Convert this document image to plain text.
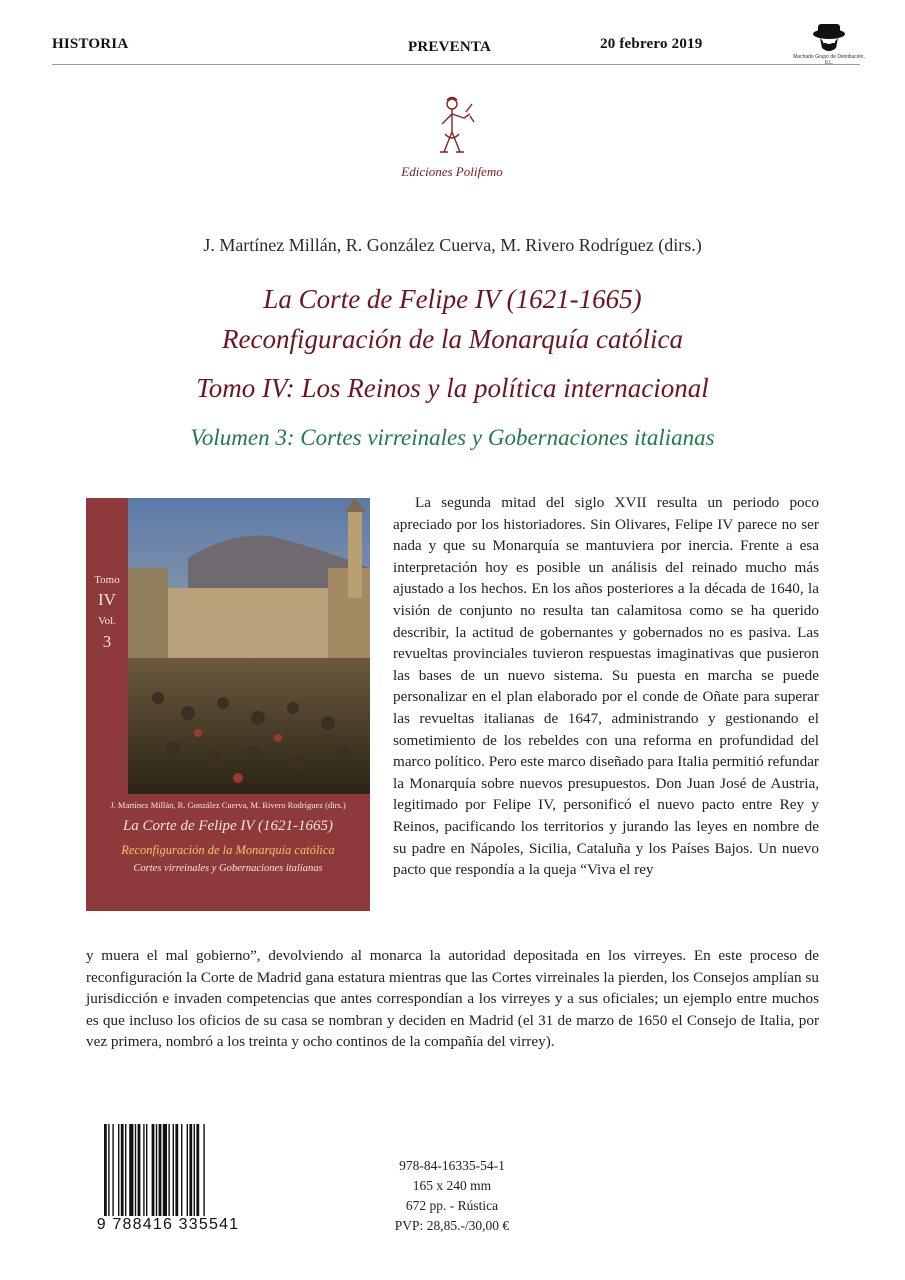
HISTORIA	PREVENTA	20 febrero 2019
Machado Grupo de Distribución, S.L.
Ediciones Polifemo
J. Martínez Millán, R. González Cuerva, M. Rivero Rodríguez (dirs.)
La Corte de Felipe IV (1621-1665)
Reconfiguración de la Monarquía católica
Tomo IV: Los Reinos y la política internacional
Volumen 3: Cortes virreinales y Gobernaciones italianas
Tomo
IV
Vol.
3
J. Martínez Millán, R. González Cuerva, M. Rivero Rodríguez (dirs.)
La Corte de Felipe IV (1621-1665)
Reconfiguración de la Monarquía católica
Cortes virreinales y Gobernaciones italianas
La segunda mitad del siglo XVII resulta un periodo poco apreciado por los historiadores. Sin Olivares, Felipe IV parece no ser nada y que su Monarquía se mantuviera por inercia. Frente a esa interpretación hoy es posible un análisis del reinado mucho más ajustado a los hechos. En los años posteriores a la década de 1640, la visión de conjunto no resulta tan calamitosa como se ha querido describir, la actitud de gobernantes y gobernados no es pasiva. Las revueltas provinciales tuvieron respuestas imaginativas que pusieron las bases de un nuevo sistema. Su puesta en marcha se puede personalizar en el plan elaborado por el conde de Oñate para superar las revueltas italianas de 1647, administrando y gestionando el sometimiento de los rebeldes con una reforma en profundidad del marco político. Pero este marco diseñado para Italia permitió refundar la Monarquía sobre nuevos presupuestos. Don Juan José de Austria, legitimado por Felipe IV, personificó el nuevo pacto entre Rey y Reinos, pacificando los territorios y jurando las leyes en nombre de su padre en Nápoles, Sicilia, Cataluña y los Países Bajos. Un nuevo pacto que respondía a la queja “Viva el rey
y muera el mal gobierno”, devolviendo al monarca la autoridad depositada en los virreyes. En este proceso de reconfiguración la Corte de Madrid gana estatura mientras que las Cortes virreinales la pierden, los Consejos amplían su jurisdicción e invaden competencias que antes correspondían a los virreyes y a sus oficiales; un ejemplo entre muchos es que incluso los oficios de su casa se nombran y deciden en Madrid (el 31 de marzo de 1650 el Consejo de Italia, por vez primera, nombró a los treinta y ocho continos de la compañía del virrey).
9 788416 335541
978-84-16335-54-1
165 x 240 mm
672 pp. - Rústica
PVP: 28,85.-/30,00 €
